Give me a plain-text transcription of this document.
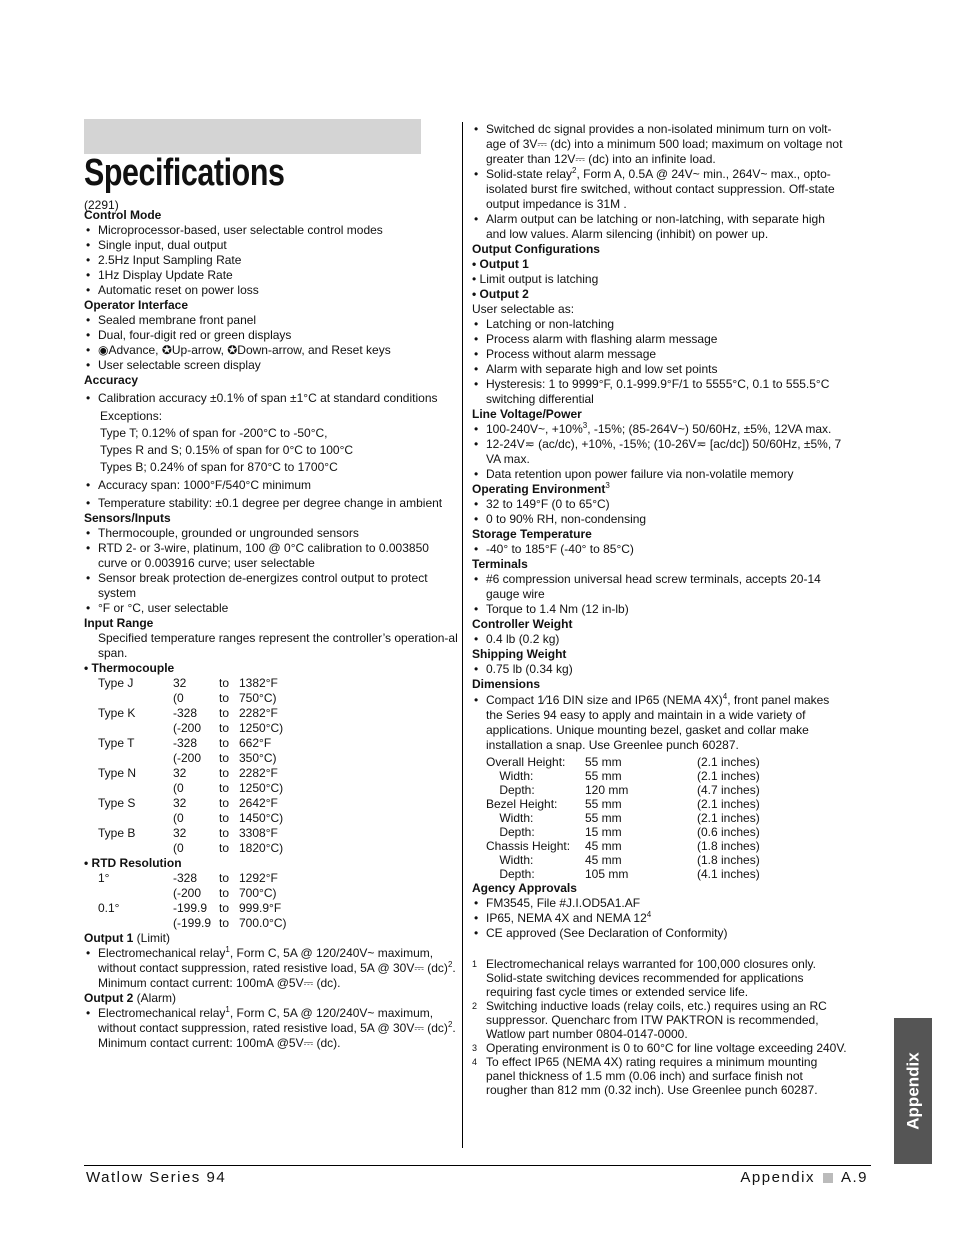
Specifications
(2291)
Control Mode
• Microprocessor-based, user selectable control modes
• Single input, dual output
• 2.5Hz Input Sampling Rate
• 1Hz Display Update Rate
• Automatic reset on power loss
Operator Interface
• Sealed membrane front panel
• Dual, four-digit red or green displays
• ◉Advance, ✪Up-arrow, ✪Down-arrow, and Reset keys
• User selectable screen display
Accuracy
• Calibration accuracy ±0.1% of span ±1°C at standard conditions
Exceptions:
Type T; 0.12% of span for -200°C to -50°C,
Types R and S; 0.15% of span for 0°C to 100°C
Types B; 0.24% of span for 870°C to 1700°C
• Accuracy span: 1000°F/540°C minimum
• Temperature stability: ±0.1 degree per degree change in ambient
Sensors/Inputs
• Thermocouple, grounded or ungrounded sensors
• RTD 2- or 3-wire, platinum, 100 @ 0°C calibration to 0.003850 curve or 0.003916 curve; user selectable
• Sensor break protection de-energizes control output to protect system
• °F or °C, user selectable
Input Range
Specified temperature ranges represent the controller’s operation-al span.
• Thermocouple
Type J	32	to 1382°F
(0	to 750°C)
Type K	-328	to 2282°F
(-200	to 1250°C)
Type T	-328	to 662°F
(-200	to 350°C)
Type N	32	to 2282°F
(0	to 1250°C)
Type S	32	to 2642°F
(0	to 1450°C)
Type B	32	to 3308°F
(0	to 1820°C)
• RTD Resolution
1°	-328	to 1292°F
(-200	to 700°C)
0.1°	-199.9 to 999.9°F
(-199.9 to 700.0°C)
Output 1 (Limit)
• Electromechanical relay$^1$, Form C, 5A @ 120/240V~ maximum, without contact suppression, rated resistive load, 5A @ 30V⎓ (dc)$^2$. Minimum contact current: 100mA @5V⎓ (dc).
Output 2 (Alarm)
• Electromechanical relay$^1$, Form C, 5A @ 120/240V~ maximum, without contact suppression, rated resistive load, 5A @ 30V⎓ (dc)$^2$. Minimum contact current: 100mA @5V⎓ (dc).
• Switched dc signal provides a non-isolated minimum turn on volt-age of 3V⎓ (dc) into a minimum 500 load; maximum on voltage not greater than 12V⎓ (dc) into an infinite load.
• Solid-state relay$^2$, Form A, 0.5A @ 24V~ min., 264V~ max., opto-isolated burst fire switched, without contact suppression. Off-state output impedance is 31M .
• Alarm output can be latching or non-latching, with separate high and low values. Alarm silencing (inhibit) on power up.
Output Configurations
• Output 1
• Limit output is latching
• Output 2
User selectable as:
• Latching or non-latching
• Process alarm with flashing alarm message
• Process without alarm message
• Alarm with separate high and low set points
• Hysteresis: 1 to 9999°F, 0.1-999.9°F/1 to 5555°C, 0.1 to 555.5°C switching differential
Line Voltage/Power
• 100-240V~, +10%$^3$, -15%; (85-264V~) 50/60Hz, ±5%, 12VA max.
• 12-24V≂ (ac/dc), +10%, -15%; (10-26V≂ [ac/dc]) 50/60Hz, ±5%, 7 VA max.
• Data retention upon power failure via non-volatile memory
Operating Environment$^3$
• 32 to 149°F (0 to 65°C)
• 0 to 90% RH, non-condensing
Storage Temperature
• -40° to 185°F (-40° to 85°C)
Terminals
• #6 compression universal head screw terminals, accepts 20-14 gauge wire
• Torque to 1.4 Nm (12 in-lb)
Controller Weight
• 0.4 lb (0.2 kg)
Shipping Weight
• 0.75 lb (0.34 kg)
Dimensions
• Compact 1⁄16 DIN size and IP65 (NEMA 4X)$^4$, front panel makes the Series 94 easy to apply and maintain in a wide variety of applications. Unique mounting bezel, gasket and collar make installation a snap. Use Greenlee punch 60287.
Overall Height:	55 mm	(2.1 inches)
Width:	55 mm	(2.1 inches)
Depth:	120 mm	(4.7 inches)
Bezel Height:	55 mm	(2.1 inches)
Width:	55 mm	(2.1 inches)
Depth:	15 mm	(0.6 inches)
Chassis Height:	45 mm	(1.8 inches)
Width:	45 mm	(1.8 inches)
Depth:	105 mm	(4.1 inches)
Agency Approvals
• FM3545, File #J.I.OD5A1.AF
• IP65, NEMA 4X and NEMA $12^4$
• CE approved (See Declaration of Conformity)
1 Electromechanical relays warranted for 100,000 closures only. Solid-state switching devices recommended for applications requiring fast cycle times or extended service life.
2 Switching inductive loads (relay coils, etc.) requires using an RC suppressor. Quencharc from ITW PAKTRON is recommended, Watlow part number 0804-0147-0000.
3 Operating environment is 0 to 60°C for line voltage exceeding 240V.
4 To effect IP65 (NEMA 4X) rating requires a minimum mounting panel thickness of 1.5 mm (0.06 inch) and surface finish not rougher than 812 mm (0.32 inch). Use Greenlee punch 60287.	Appendix
Watlow Series 94	Appendix A.9
